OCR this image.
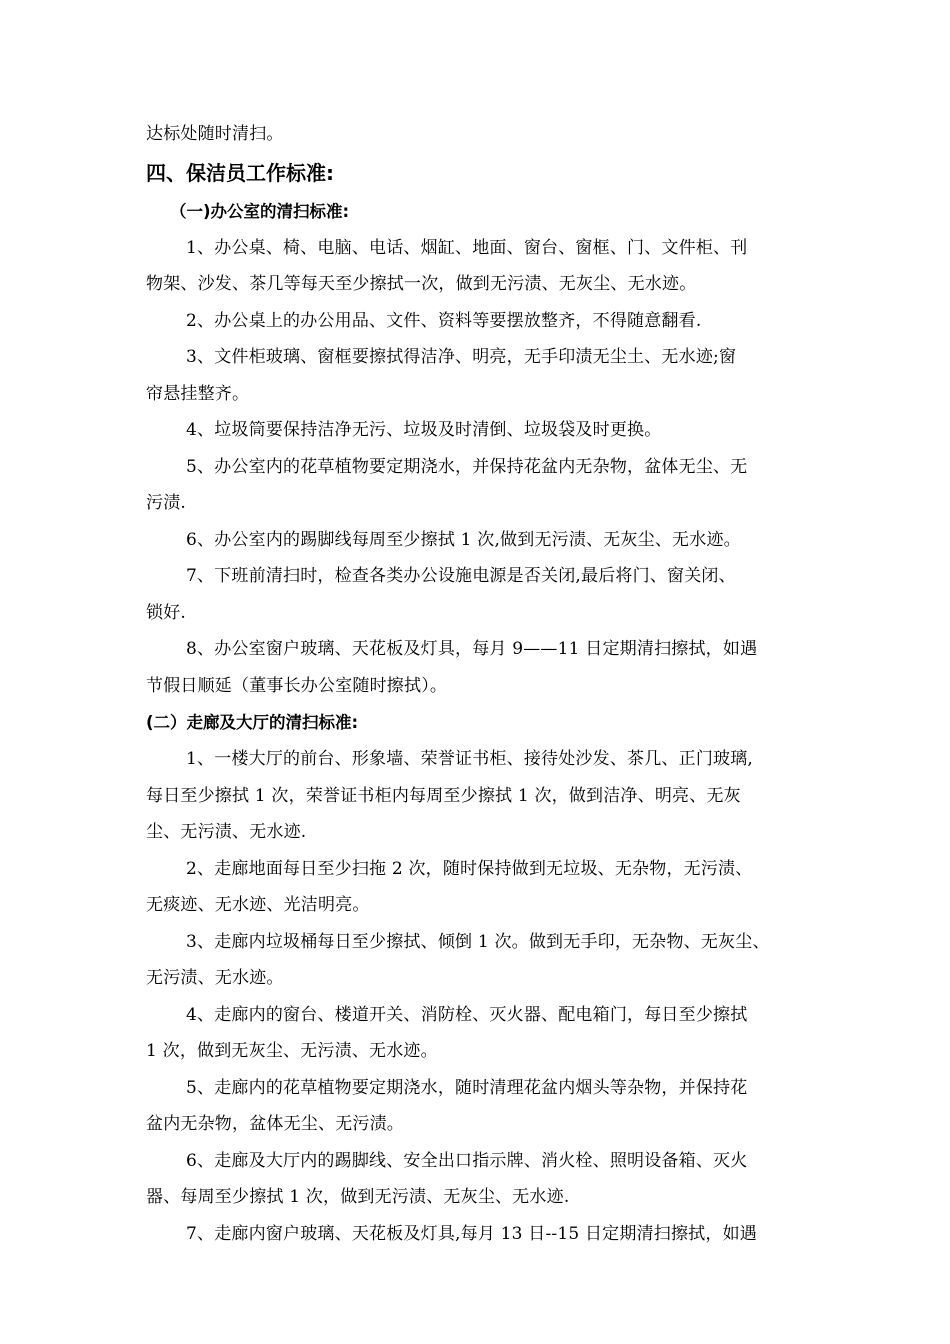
达标处随时清扫。
四、保洁员工作标准:
（一)办公室的清扫标准:
1、办公桌、椅、电脑、电话、烟缸、地面、窗台、窗框、门、文件柜、刊
物架、沙发、茶几等每天至少擦拭一次，做到无污渍、无灰尘、无水迹。
2、办公桌上的办公用品、文件、资料等要摆放整齐，不得随意翻看.
3、文件柜玻璃、窗框要擦拭得洁净、明亮，无手印渍无尘土、无水迹;窗
帘悬挂整齐。
4、垃圾筒要保持洁净无污、垃圾及时清倒、垃圾袋及时更换。
5、办公室内的花草植物要定期浇水，并保持花盆内无杂物，盆体无尘、无
污渍.
6、办公室内的踢脚线每周至少擦拭 1 次,做到无污渍、无灰尘、无水迹。
7、下班前清扫时，检查各类办公设施电源是否关闭,最后将门、窗关闭、
锁好.
8、办公室窗户玻璃、天花板及灯具，每月 9——11 日定期清扫擦拭，如遇
节假日顺延（董事长办公室随时擦拭）。
(二）走廊及大厅的清扫标准:
1、一楼大厅的前台、形象墙、荣誉证书柜、接待处沙发、茶几、正门玻璃,
每日至少擦拭 1 次，荣誉证书柜内每周至少擦拭 1 次，做到洁净、明亮、无灰
尘、无污渍、无水迹.
2、走廊地面每日至少扫拖 2 次，随时保持做到无垃圾、无杂物，无污渍、
无痰迹、无水迹、光洁明亮。
3、走廊内垃圾桶每日至少擦拭、倾倒 1 次。做到无手印，无杂物、无灰尘、
无污渍、无水迹。
4、走廊内的窗台、楼道开关、消防栓、灭火器、配电箱门，每日至少擦拭
1 次，做到无灰尘、无污渍、无水迹。
5、走廊内的花草植物要定期浇水，随时清理花盆内烟头等杂物，并保持花
盆内无杂物，盆体无尘、无污渍。
6、走廊及大厅内的踢脚线、安全出口指示牌、消火栓、照明设备箱、灭火
器、每周至少擦拭 1 次，做到无污渍、无灰尘、无水迹.
7、走廊内窗户玻璃、天花板及灯具,每月 13 日--15 日定期清扫擦拭，如遇
